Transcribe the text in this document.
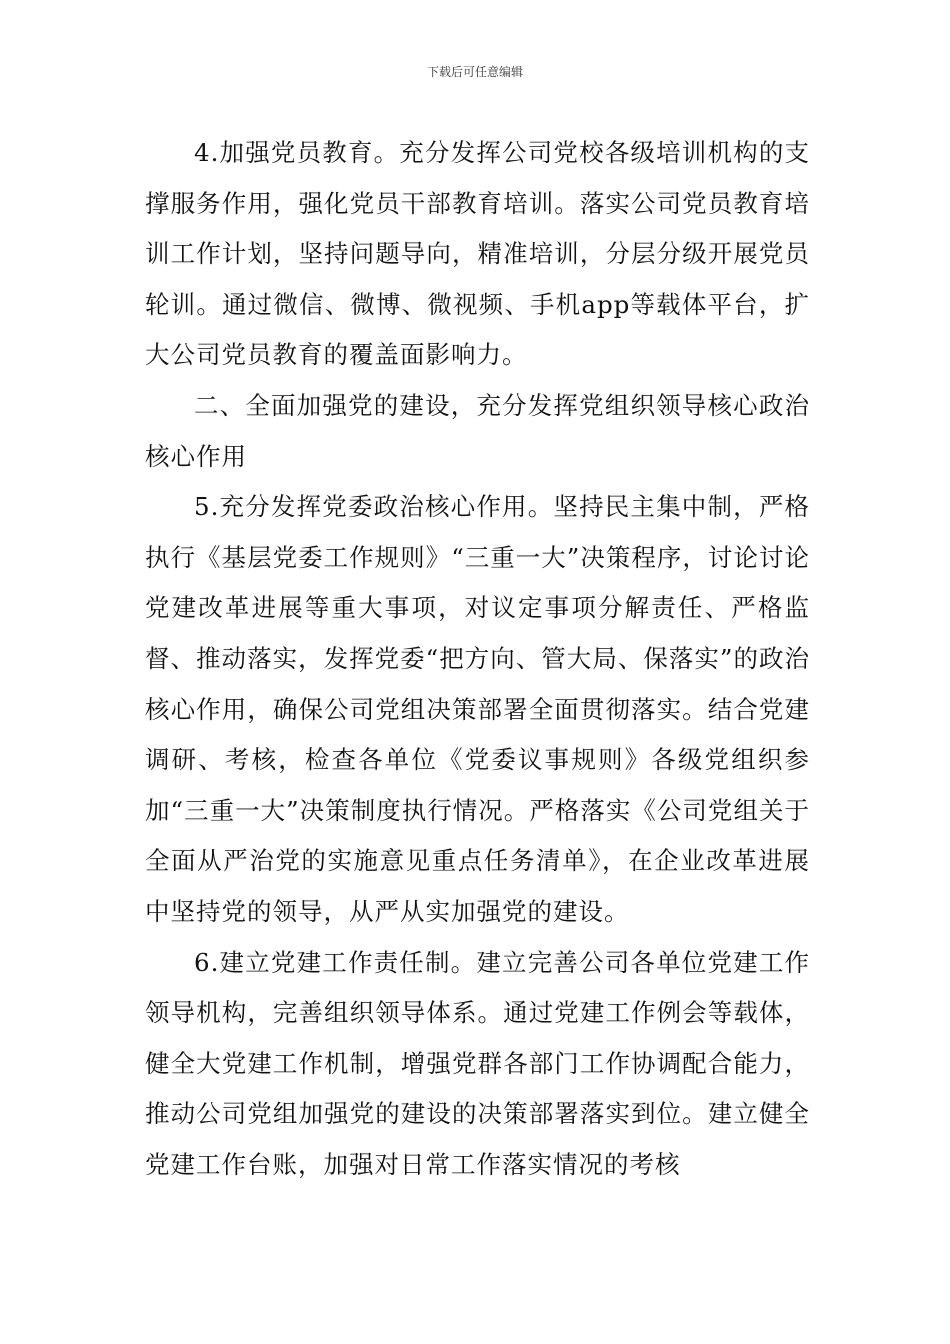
下载后可任意编辑

4.加强党员教育。充分发挥公司党校各级培训机构的支撑服务作用，强化党员干部教育培训。落实公司党员教育培训工作计划，坚持问题导向，精准培训，分层分级开展党员轮训。通过微信、微博、微视频、手机app等载体平台，扩大公司党员教育的覆盖面影响力。

二、全面加强党的建设，充分发挥党组织领导核心政治核心作用

5.充分发挥党委政治核心作用。坚持民主集中制，严格执行《基层党委工作规则》“三重一大”决策程序，讨论讨论党建改革进展等重大事项，对议定事项分解责任、严格监督、推动落实，发挥党委“把方向、管大局、保落实”的政治核心作用，确保公司党组决策部署全面贯彻落实。结合党建调研、考核，检查各单位《党委议事规则》各级党组织参加“三重一大”决策制度执行情况。严格落实《公司党组关于全面从严治党的实施意见重点任务清单》，在企业改革进展中坚持党的领导，从严从实加强党的建设。

6.建立党建工作责任制。建立完善公司各单位党建工作领导机构，完善组织领导体系。通过党建工作例会等载体，健全大党建工作机制，增强党群各部门工作协调配合能力，推动公司党组加强党的建设的决策部署落实到位。建立健全党建工作台账，加强对日常工作落实情况的考核
